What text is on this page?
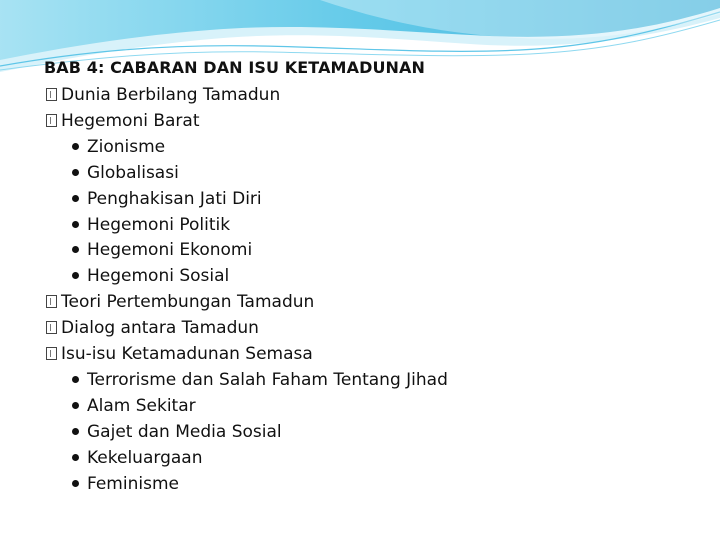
BAB 4: CABARAN DAN ISU KETAMADUNAN
Dunia Berbilang Tamadun
Hegemoni Barat
Zionisme
Globalisasi
Penghakisan Jati Diri
Hegemoni Politik
Hegemoni Ekonomi
Hegemoni Sosial
Teori Pertembungan Tamadun
Dialog antara Tamadun
Isu-isu Ketamadunan Semasa
Terrorisme dan Salah Faham Tentang Jihad
Alam Sekitar
Gajet dan Media Sosial
Kekeluargaan
Feminisme
